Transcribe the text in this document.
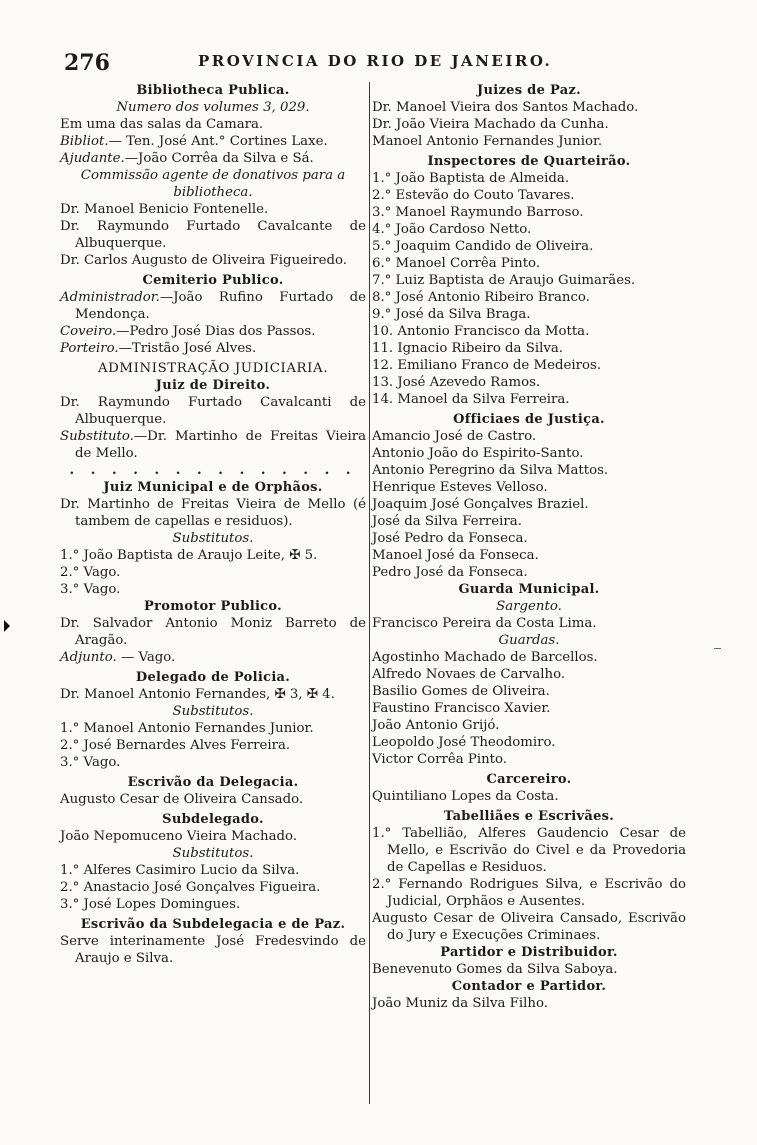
276	PROVINCIA DO RIO DE JANEIRO.

Bibliotheca Publica.

Numero dos volumes 3, 029.

Em uma das salas da Camara.

Bibliot.— Ten. José Ant.° Cortines Laxe.

Ajudante.—João Corrêa da Silva e Sá.

Commissão agente de donativos para a bibliotheca.

Dr. Manoel Benicio Fontenelle.

Dr. Raymundo Furtado Cavalcante de Albuquerque.

Dr. Carlos Augusto de Oliveira Figueiredo.

Cemiterio Publico.

Administrador.—João Rufino Furtado de Mendonça.

Coveiro.—Pedro José Dias dos Passos.

Porteiro.—Tristão José Alves.

ADMINISTRAÇÃO JUDICIARIA.

Juiz de Direito.

Dr. Raymundo Furtado Cavalcanti de Albuquerque.

Substituto.—Dr. Martinho de Freitas Vieira de Mello.

. . . . . . . . . . . . . .

Juiz Municipal e de Orphãos.

Dr. Martinho de Freitas Vieira de Mello (é tambem de capellas e residuos).

Substitutos.

1.° João Baptista de Araujo Leite, ✠ 5.

2.° Vago.

3.° Vago.

Promotor Publico.

Dr. Salvador Antonio Moniz Barreto de Aragão.

Adjunto. — Vago.

Delegado de Policia.

Dr. Manoel Antonio Fernandes, ✠ 3, ✠ 4.

Substitutos.

1.° Manoel Antonio Fernandes Junior.

2.° José Bernardes Alves Ferreira.

3.° Vago.

Escrivão da Delegacia.

Augusto Cesar de Oliveira Cansado.

Subdelegado.

João Nepomuceno Vieira Machado.

Substitutos.

1.° Alferes Casimiro Lucio da Silva.

2.° Anastacio José Gonçalves Figueira.

3.° José Lopes Domingues.

Escrivão da Subdelegacia e de Paz.

Serve interinamente José Fredesvindo de Araujo e Silva.

Juizes de Paz.

Dr. Manoel Vieira dos Santos Machado.

Dr. João Vieira Machado da Cunha.

Manoel Antonio Fernandes Junior.

Inspectores de Quarteirão.

1.° João Baptista de Almeida.

2.° Estevão do Couto Tavares.

3.° Manoel Raymundo Barroso.

4.° João Cardoso Netto.

5.° Joaquim Candido de Oliveira.

6.° Manoel Corrêa Pinto.

7.° Luiz Baptista de Araujo Guimarães.

8.° José Antonio Ribeiro Branco.

9.° José da Silva Braga.

10. Antonio Francisco da Motta.

11. Ignacio Ribeiro da Silva.

12. Emiliano Franco de Medeiros.

13. José Azevedo Ramos.

14. Manoel da Silva Ferreira.

Officiaes de Justiça.

Amancio José de Castro.

Antonio João do Espirito-Santo.

Antonio Peregrino da Silva Mattos.

Henrique Esteves Velloso.

Joaquim José Gonçalves Braziel.

José da Silva Ferreira.

José Pedro da Fonseca.

Manoel José da Fonseca.

Pedro José da Fonseca.

Guarda Municipal.

Sargento.

Francisco Pereira da Costa Lima.

Guardas.

Agostinho Machado de Barcellos.

Alfredo Novaes de Carvalho.

Basilio Gomes de Oliveira.

Faustino Francisco Xavier.

João Antonio Grijó.

Leopoldo José Theodomiro.

Victor Corrêa Pinto.

Carcereiro.

Quintiliano Lopes da Costa.

Tabelliães e Escrivães.

1.° Tabellião, Alferes Gaudencio Cesar de Mello, e Escrivão do Civel e da Provedoria de Capellas e Residuos.

2.° Fernando Rodrigues Silva, e Escrivão do Judicial, Orphãos e Ausentes.

Augusto Cesar de Oliveira Cansado, Escrivão do Jury e Execuções Criminaes.

Partidor e Distribuidor.

Benevenuto Gomes da Silva Saboya.

Contador e Partidor.

João Muniz da Silva Filho.
